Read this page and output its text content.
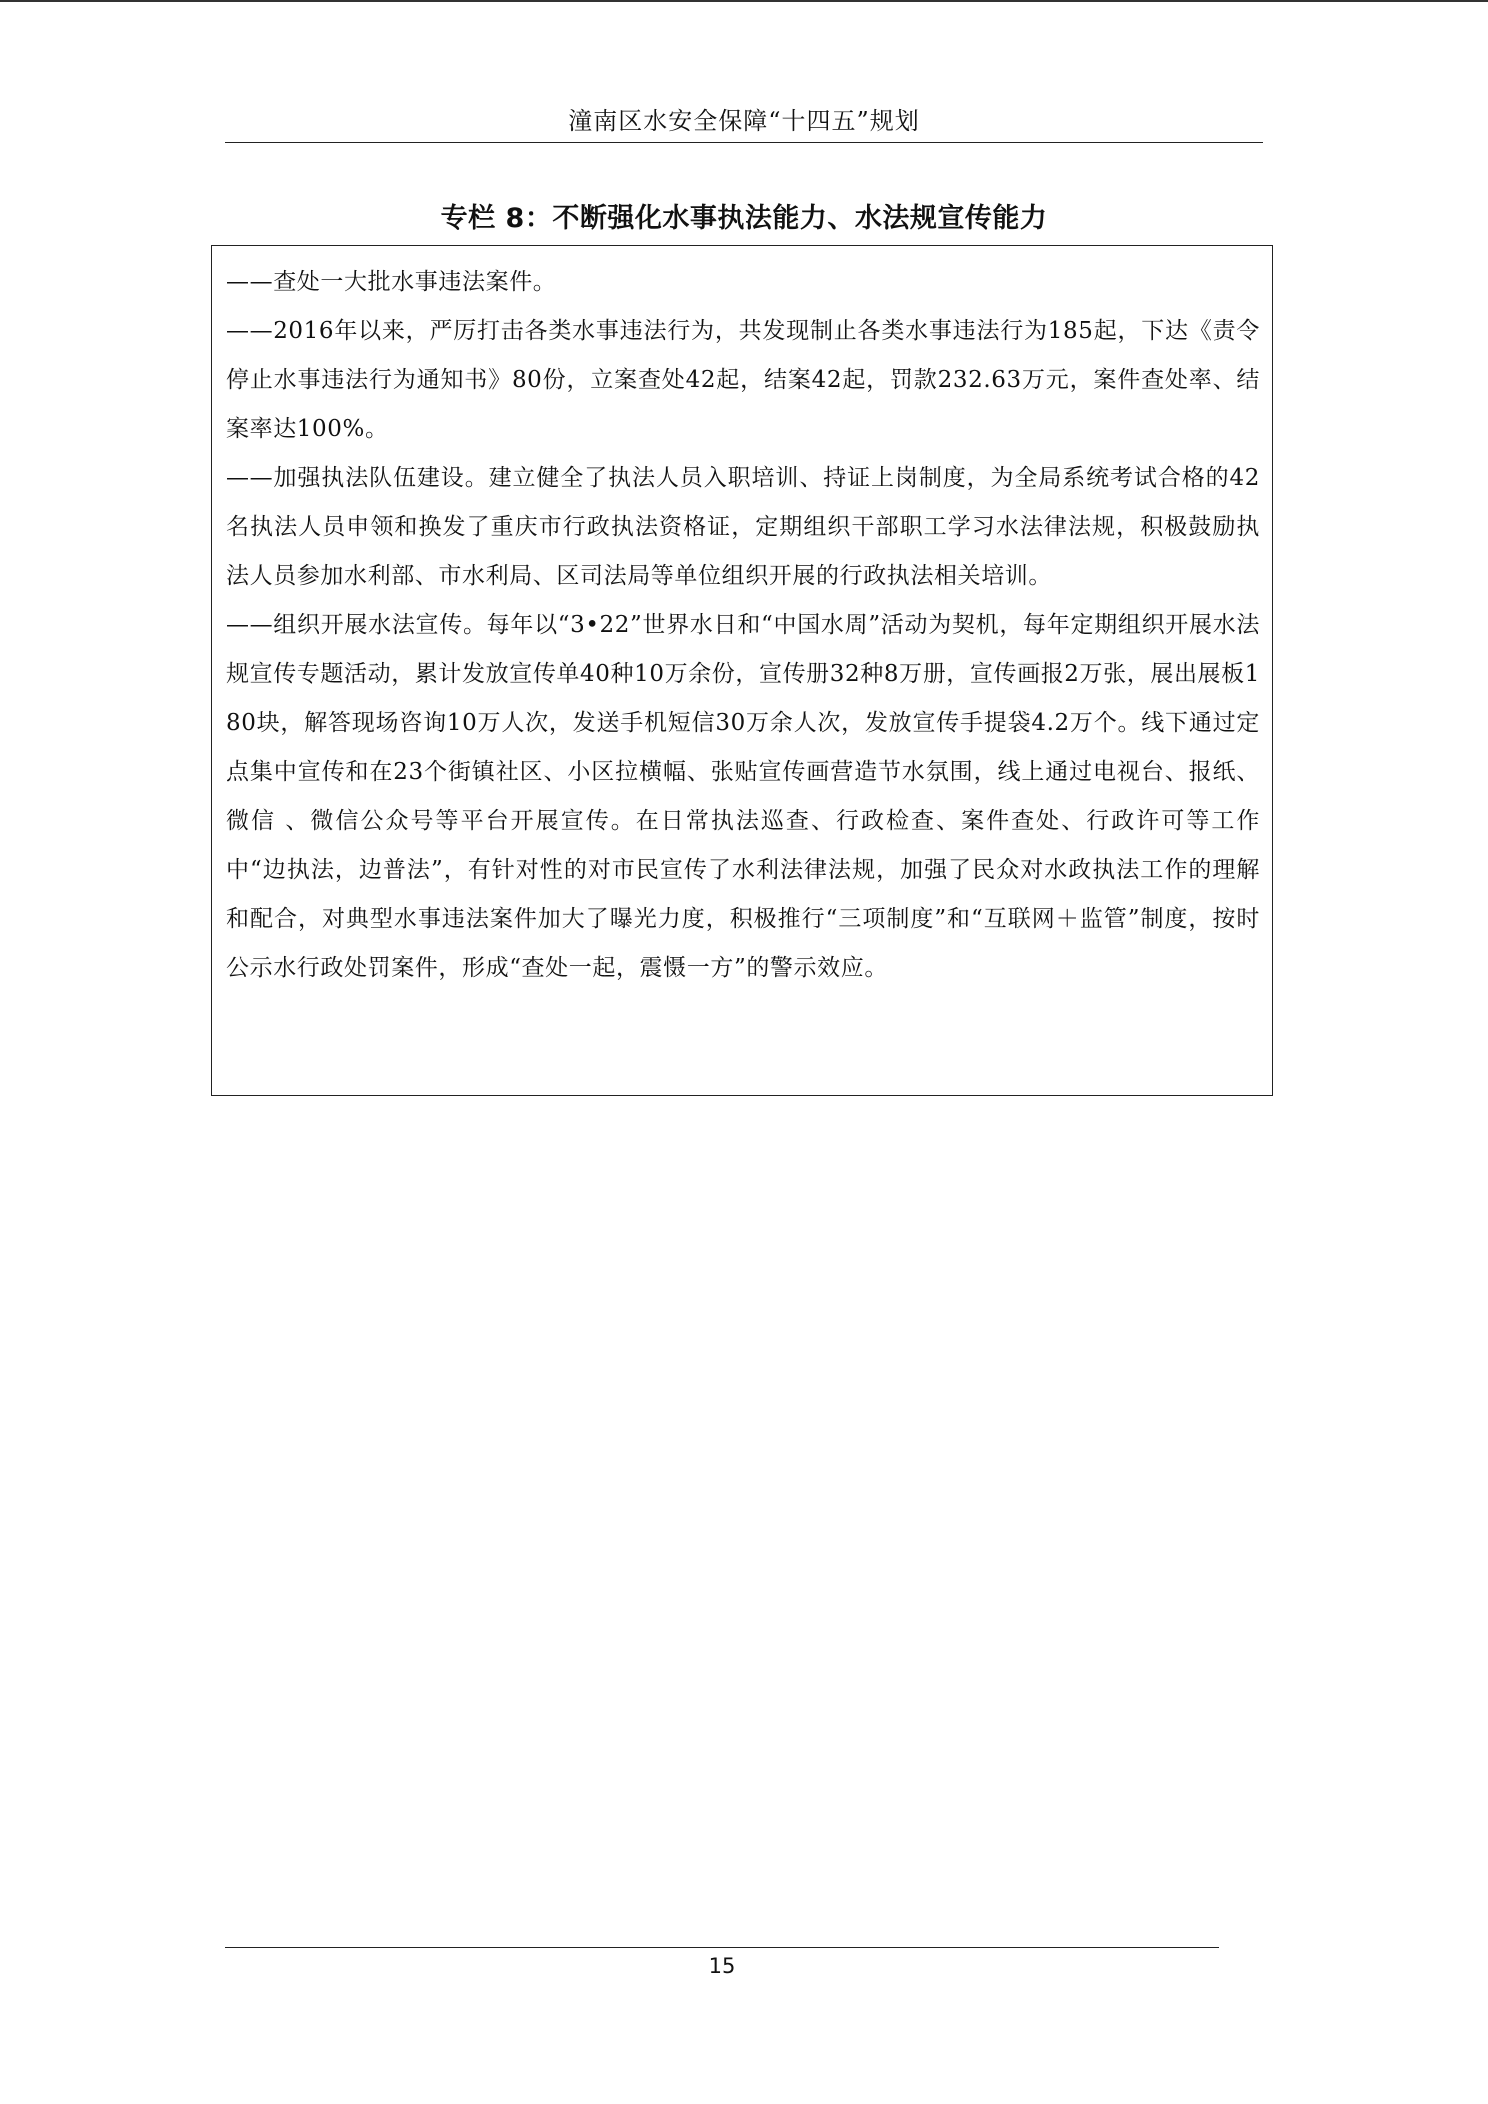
潼南区水安全保障“十四五”规划
专栏 8：不断强化水事执法能力、水法规宣传能力

——查处一大批水事违法案件。

——2016年以来，严厉打击各类水事违法行为，共发现制止各类水事违法行为185起，下达《责令停止水事违法行为通知书》80份，立案查处42起，结案42起，罚款232.63万元，案件查处率、结案率达100%。

——加强执法队伍建设。建立健全了执法人员入职培训、持证上岗制度，为全局系统考试合格的42名执法人员申领和换发了重庆市行政执法资格证，定期组织干部职工学习水法律法规，积极鼓励执法人员参加水利部、市水利局、区司法局等单位组织开展的行政执法相关培训。

——组织开展水法宣传。每年以“3•22”世界水日和“中国水周”活动为契机，每年定期组织开展水法规宣传专题活动，累计发放宣传单40种10万余份，宣传册32种8万册，宣传画报2万张，展出展板180块，解答现场咨询10万人次，发送手机短信30万余人次，发放宣传手提袋4.2万个。线下通过定点集中宣传和在23个街镇社区、小区拉横幅、张贴宣传画营造节水氛围，线上通过电视台、报纸、微信 、微信公众号等平台开展宣传。在日常执法巡查、行政检查、案件查处、行政许可等工作中“边执法，边普法”，有针对性的对市民宣传了水利法律法规，加强了民众对水政执法工作的理解和配合，对典型水事违法案件加大了曝光力度，积极推行“三项制度”和“互联网＋监管”制度，按时公示水行政处罚案件，形成“查处一起，震慑一方”的警示效应。

15
